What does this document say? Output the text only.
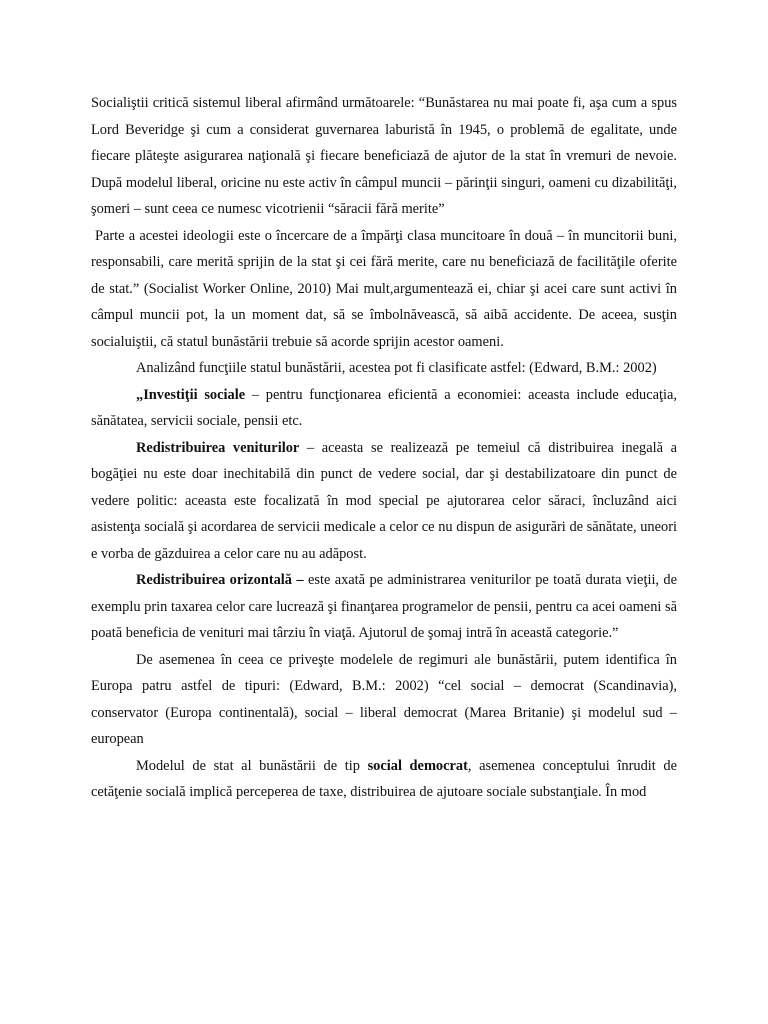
Socialiştii critică sistemul liberal afirmând următoarele: “Bunăstarea nu mai poate fi, aşa cum a spus Lord Beveridge şi cum a considerat guvernarea laburistă în 1945, o problemă de egalitate, unde fiecare plăteşte asigurarea naţională şi fiecare beneficiază de ajutor de la stat în vremuri de nevoie. După modelul liberal, oricine nu este activ în câmpul muncii – părinţii singuri, oameni cu dizabilităţi, şomeri – sunt ceea ce numesc vicotrienii “săracii fără merite”

Parte a acestei ideologii este o încercare de a împărţi clasa muncitoare în două – în muncitorii buni, responsabili, care merită sprijin de la stat şi cei fără merite, care nu beneficiază de facilităţile oferite de stat.” (Socialist Worker Online, 2010) Mai mult,argumentează ei, chiar şi acei care sunt activi în câmpul muncii pot, la un moment dat, să se îmbolnăvească, să aibă accidente. De aceea, susţin socialuiştii, că statul bunăstării trebuie să acorde sprijin acestor oameni.

Analizând funcţiile statul bunăstării, acestea pot fi clasificate astfel: (Edward, B.M.: 2002)

„Investiţii sociale – pentru funcţionarea eficientă a economiei: aceasta include educaţia, sănătatea, servicii sociale, pensii etc.

Redistribuirea veniturilor – aceasta se realizează pe temeiul că distribuirea inegală a bogăţiei nu este doar inechitabilă din punct de vedere social, dar şi destabilizatoare din punct de vedere politic: aceasta este focalizată în mod special pe ajutorarea celor săraci, încluzând aici asistenţa socială şi acordarea de servicii medicale a celor ce nu dispun de asigurări de sănătate, uneori e vorba de găzduirea a celor care nu au adăpost.

Redistribuirea orizontală – este axată pe administrarea veniturilor pe toată durata vieţii, de exemplu prin taxarea celor care lucrează şi finanţarea programelor de pensii, pentru ca acei oameni să poată beneficia de venituri mai târziu în viaţă. Ajutorul de şomaj intră în această categorie.”

De asemenea în ceea ce priveşte modelele de regimuri ale bunăstării, putem identifica în Europa patru astfel de tipuri: (Edward, B.M.: 2002) “cel social – democrat (Scandinavia), conservator (Europa continentală), social – liberal democrat (Marea Britanie) şi modelul sud – european

Modelul de stat al bunăstării de tip social democrat, asemenea conceptului înrudit de cetăţenie socială implică perceperea de taxe, distribuirea de ajutoare sociale substanţiale. În mod
